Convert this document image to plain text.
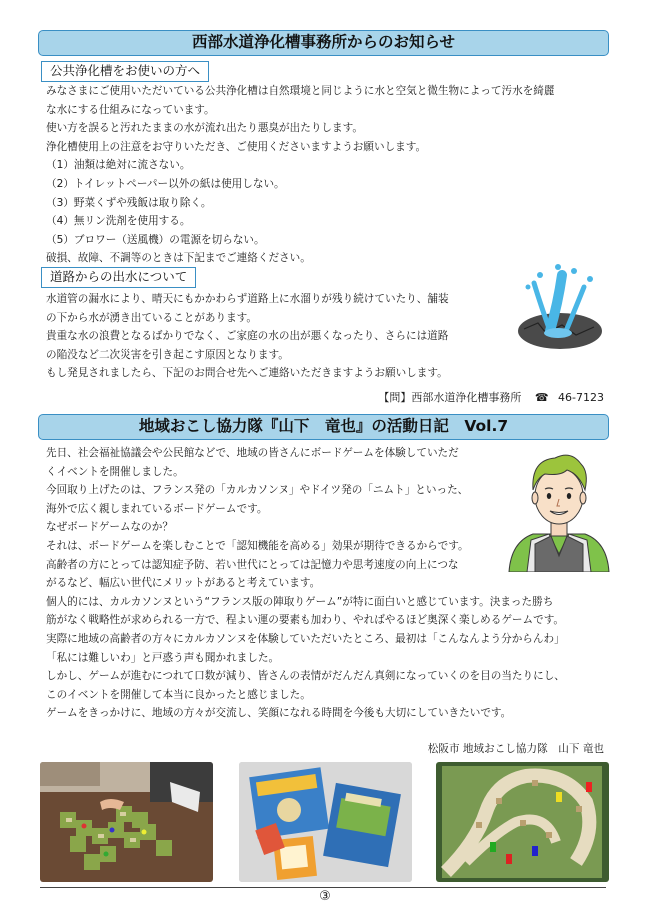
西部水道浄化槽事務所からのお知らせ
公共浄化槽をお使いの方へ
みなさまにご使用いただいている公共浄化槽は自然環境と同じように水と空気と微生物によって汚水を綺麗
な水にする仕組みになっています。
使い方を誤ると汚れたままの水が流れ出たり悪臭が出たりします。
浄化槽使用上の注意をお守りいただき、ご使用くださいますようお願いします。
（1）油類は絶対に流さない。
（2）トイレットペーパー以外の紙は使用しない。
（3）野菜くずや残飯は取り除く。
（4）無リン洗剤を使用する。
（5）ブロワー（送風機）の電源を切らない。
破損、故障、不調等のときは下記までご連絡ください。
道路からの出水について
水道管の漏水により、晴天にもかかわらず道路上に水溜りが残り続けていたり、舗装
の下から水が湧き出ていることがあります。
貴重な水の浪費となるばかりでなく、ご家庭の水の出が悪くなったり、さらには道路
の陥没など二次災害を引き起こす原因となります。
もし発見されましたら、下記のお問合せ先へご連絡いただきますようお願いします。
【問】西部水道浄化槽事務所 ☎ 46-7123
地域おこし協力隊『山下　竜也』の活動日記　Vol.7
先日、社会福祉協議会や公民館などで、地域の皆さんにボードゲームを体験していただ
くイベントを開催しました。
今回取り上げたのは、フランス発の「カルカソンヌ」やドイツ発の「ニムト」といった、
海外で広く親しまれているボードゲームです。
なぜボードゲームなのか？
それは、ボードゲームを楽しむことで「認知機能を高める」効果が期待できるからです。
高齢者の方にとっては認知症予防、若い世代にとっては記憶力や思考速度の向上につな
がるなど、幅広い世代にメリットがあると考えています。
個人的には、カルカソンヌという“フランス版の陣取りゲーム”が特に面白いと感じています。決まった勝ち
筋がなく戦略性が求められる一方で、程よい運の要素も加わり、やればやるほど奥深く楽しめるゲームです。
実際に地域の高齢者の方々にカルカソンヌを体験していただいたところ、最初は「こんなんよう分からんわ」
「私には難しいわ」と戸惑う声も聞かれました。
しかし、ゲームが進むにつれて口数が減り、皆さんの表情がだんだん真剣になっていくのを目の当たりにし、
このイベントを開催して本当に良かったと感じました。
ゲームをきっかけに、地域の方々が交流し、笑顔になれる時間を今後も大切にしていきたいです。
松阪市 地域おこし協力隊　山下 竜也
③
